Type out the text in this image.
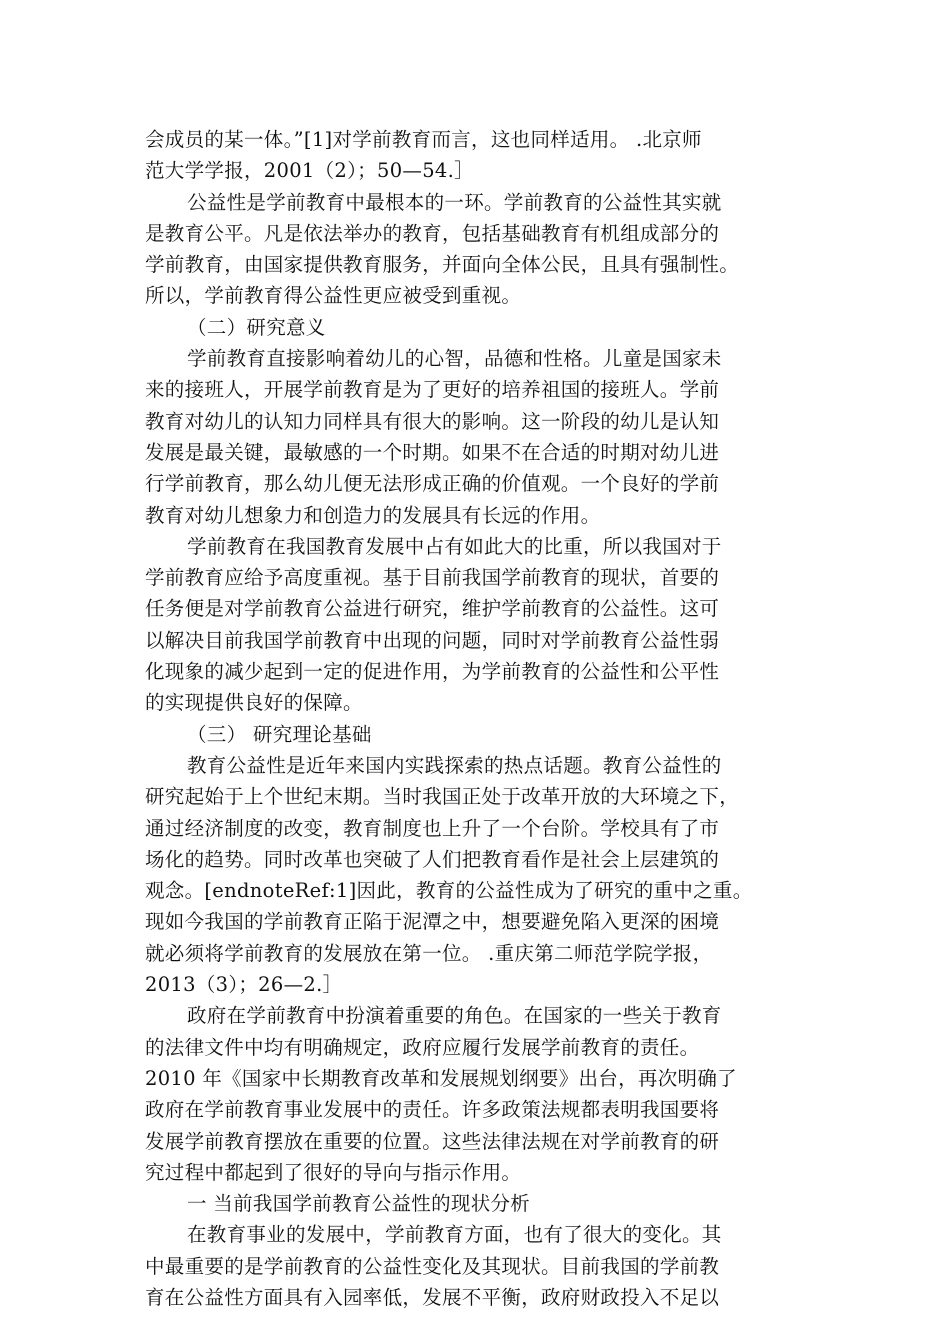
会成员的某一体。”[1]对学前教育而言，这也同样适用。 .北京师
范大学学报，2001（2）；50—54.］
公益性是学前教育中最根本的一环。学前教育的公益性其实就
是教育公平。凡是依法举办的教育，包括基础教育有机组成部分的
学前教育，由国家提供教育服务，并面向全体公民，且具有强制性。
所以，学前教育得公益性更应被受到重视。
（二）研究意义
学前教育直接影响着幼儿的心智，品德和性格。儿童是国家未
来的接班人，开展学前教育是为了更好的培养祖国的接班人。学前
教育对幼儿的认知力同样具有很大的影响。这一阶段的幼儿是认知
发展是最关键，最敏感的一个时期。如果不在合适的时期对幼儿进
行学前教育，那么幼儿便无法形成正确的价值观。一个良好的学前
教育对幼儿想象力和创造力的发展具有长远的作用。
学前教育在我国教育发展中占有如此大的比重，所以我国对于
学前教育应给予高度重视。基于目前我国学前教育的现状，首要的
任务便是对学前教育公益进行研究，维护学前教育的公益性。这可
以解决目前我国学前教育中出现的问题，同时对学前教育公益性弱
化现象的减少起到一定的促进作用，为学前教育的公益性和公平性
的实现提供良好的保障。
（三） 研究理论基础
教育公益性是近年来国内实践探索的热点话题。教育公益性的
研究起始于上个世纪末期。当时我国正处于改革开放的大环境之下，
通过经济制度的改变，教育制度也上升了一个台阶。学校具有了市
场化的趋势。同时改革也突破了人们把教育看作是社会上层建筑的
观念。[endnoteRef:1]因此，教育的公益性成为了研究的重中之重。
现如今我国的学前教育正陷于泥潭之中，想要避免陷入更深的困境
就必须将学前教育的发展放在第一位。 .重庆第二师范学院学报，
2013（3）；26—2.］
政府在学前教育中扮演着重要的角色。在国家的一些关于教育
的法律文件中均有明确规定，政府应履行发展学前教育的责任。
2010 年《国家中长期教育改革和发展规划纲要》出台，再次明确了
政府在学前教育事业发展中的责任。许多政策法规都表明我国要将
发展学前教育摆放在重要的位置。这些法律法规在对学前教育的研
究过程中都起到了很好的导向与指示作用。
一 当前我国学前教育公益性的现状分析
在教育事业的发展中，学前教育方面，也有了很大的变化。其
中最重要的是学前教育的公益性变化及其现状。目前我国的学前教
育在公益性方面具有入园率低，发展不平衡，政府财政投入不足以
